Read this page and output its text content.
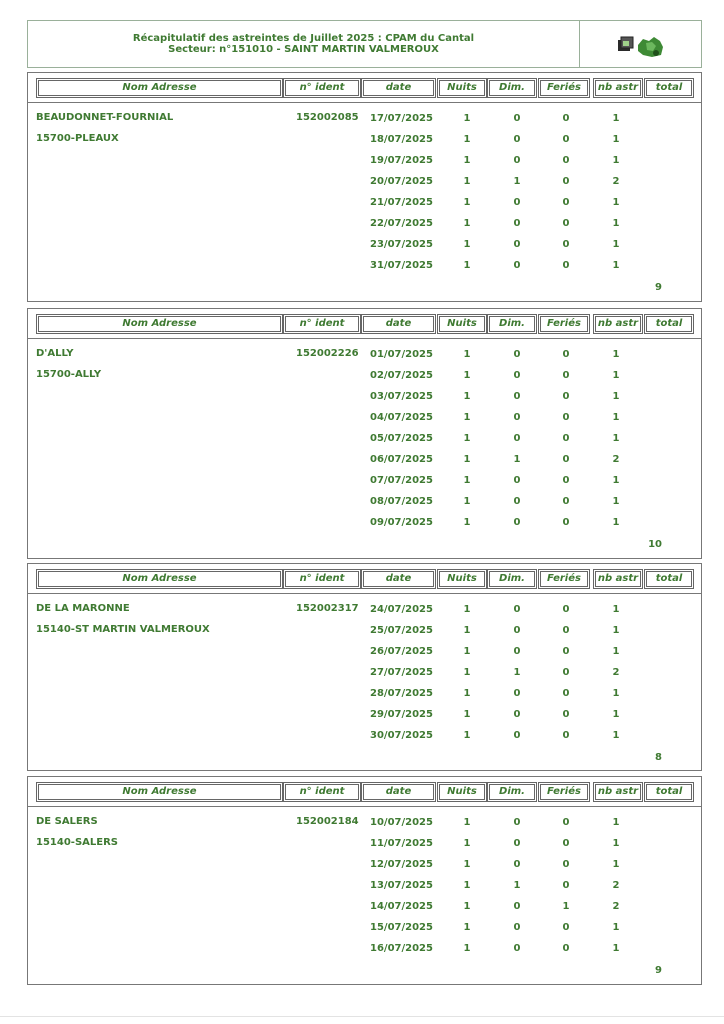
Récapitulatif des astreintes de Juillet 2025 : CPAM du Cantal
Secteur: n°151010 - SAINT MARTIN VALMEROUX
Nom Adresse	n° ident	date	Nuits	Dim.	Feriés	nb astr	total
BEAUDONNET-FOURNIAL
15700-PLEAUX
152002085 17/07/2025	1	0	0	1
18/07/2025	1	0	0	1
19/07/2025	1	0	0	1
20/07/2025	1	1	0	2
21/07/2025	1	0	0	1
22/07/2025	1	0	0	1
23/07/2025	1	0	0	1
31/07/2025	1	0	0	1
9
Nom Adresse	n° ident	date	Nuits	Dim.	Feriés	nb astr	total
D'ALLY
15700-ALLY
152002226 01/07/2025	1	0	0	1
02/07/2025	1	0	0	1
03/07/2025	1	0	0	1
04/07/2025	1	0	0	1
05/07/2025	1	0	0	1
06/07/2025	1	1	0	2
07/07/2025	1	0	0	1
08/07/2025	1	0	0	1
09/07/2025	1	0	0	1
10
Nom Adresse	n° ident	date	Nuits	Dim.	Feriés	nb astr	total
DE LA MARONNE
15140-ST MARTIN VALMEROUX
152002317 24/07/2025	1	0	0	1
25/07/2025	1	0	0	1
26/07/2025	1	0	0	1
27/07/2025	1	1	0	2
28/07/2025	1	0	0	1
29/07/2025	1	0	0	1
30/07/2025	1	0	0	1
8
Nom Adresse	n° ident	date	Nuits	Dim.	Feriés	nb astr	total
DE SALERS
15140-SALERS
152002184 10/07/2025	1	0	0	1
11/07/2025	1	0	0	1
12/07/2025	1	0	0	1
13/07/2025	1	1	0	2
14/07/2025	1	0	1	2
15/07/2025	1	0	0	1
16/07/2025	1	0	0	1
9
